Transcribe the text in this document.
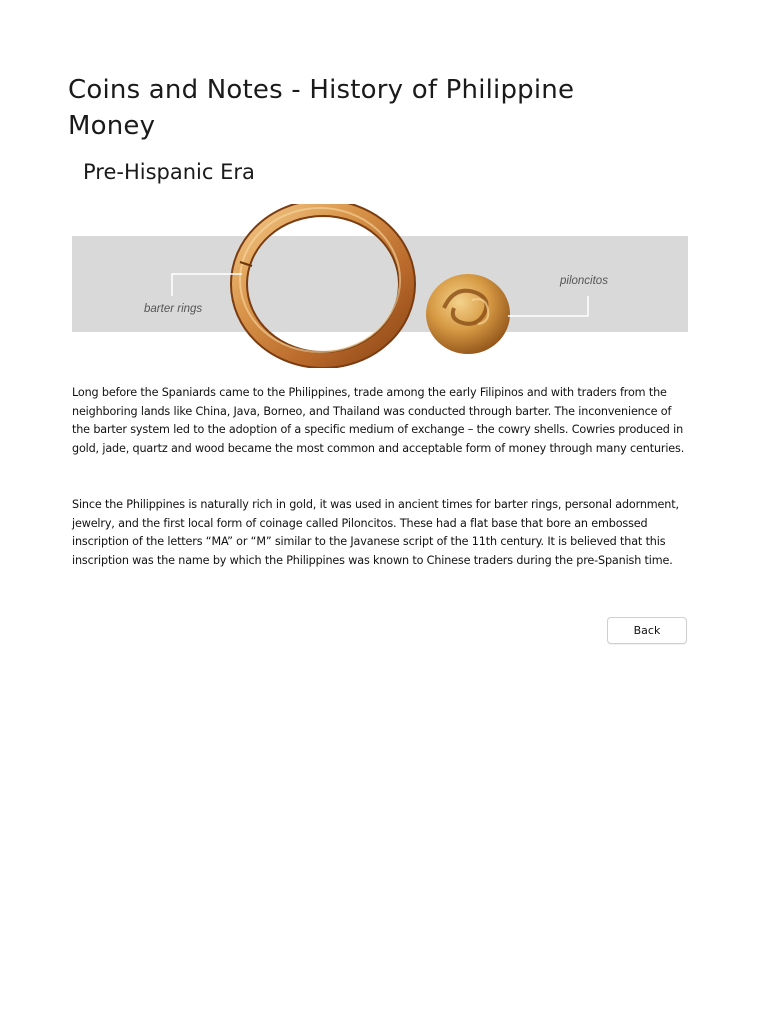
Coins and Notes - History of Philippine Money
Pre-Hispanic Era
barter rings
piloncitos

Long before the Spaniards came to the Philippines, trade among the early Filipinos and with traders from the neighboring lands like China, Java, Borneo, and Thailand was conducted through barter. The inconvenience of the barter system led to the adoption of a specific medium of exchange – the cowry shells. Cowries produced in gold, jade, quartz and wood became the most common and acceptable form of money through many centuries.

Since the Philippines is naturally rich in gold, it was used in ancient times for barter rings, personal adornment, jewelry, and the first local form of coinage called Piloncitos. These had a flat base that bore an embossed inscription of the letters “MA” or “M” similar to the Javanese script of the 11th century. It is believed that this inscription was the name by which the Philippines was known to Chinese traders during the pre-Spanish time.

Back
